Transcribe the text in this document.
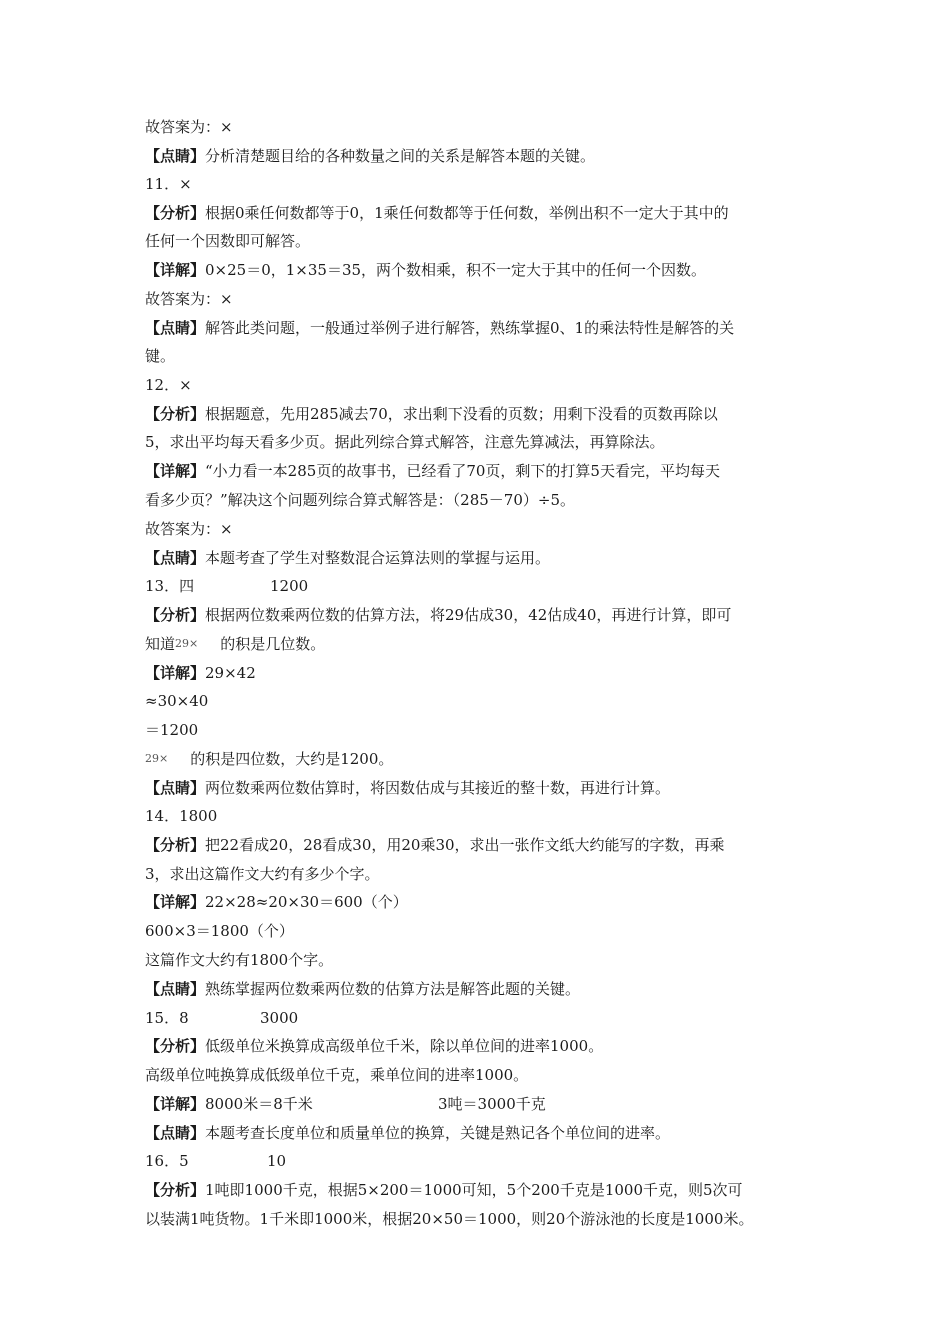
故答案为：×
【点睛】分析清楚题目给的各种数量之间的关系是解答本题的关键。
11．×
【分析】根据0乘任何数都等于0，1乘任何数都等于任何数，举例出积不一定大于其中的
任何一个因数即可解答。
【详解】0×25＝0，1×35＝35，两个数相乘，积不一定大于其中的任何一个因数。
故答案为：×
【点睛】解答此类问题，一般通过举例子进行解答，熟练掌握0、1的乘法特性是解答的关
键。
12．×
【分析】根据题意，先用285减去70，求出剩下没看的页数；用剩下没看的页数再除以
5，求出平均每天看多少页。据此列综合算式解答，注意先算减法，再算除法。
【详解】“小力看一本285页的故事书，已经看了70页，剩下的打算5天看完，平均每天
看多少页？”解决这个问题列综合算式解答是：（285－70）÷5。
故答案为：×
【点睛】本题考查了学生对整数混合运算法则的掌握与运用。
13．四	1200
【分析】根据两位数乘两位数的估算方法，将29估成30，42估成40，再进行计算，即可
知道29× 的积是几位数。
【详解】29×42
≈30×40
＝1200
29× 的积是四位数，大约是1200。
【点睛】两位数乘两位数估算时，将因数估成与其接近的整十数，再进行计算。
14．1800
【分析】把22看成20，28看成30，用20乘30，求出一张作文纸大约能写的字数，再乘
3，求出这篇作文大约有多少个字。
【详解】22×28≈20×30＝600（个）
600×3＝1800（个）
这篇作文大约有1800个字。
【点睛】熟练掌握两位数乘两位数的估算方法是解答此题的关键。
15．8	3000
【分析】低级单位米换算成高级单位千米，除以单位间的进率1000。
高级单位吨换算成低级单位千克，乘单位间的进率1000。
【详解】8000米＝8千米	3吨＝3000千克
【点睛】本题考查长度单位和质量单位的换算，关键是熟记各个单位间的进率。
16．5	10
【分析】1吨即1000千克，根据5×200＝1000可知，5个200千克是1000千克，则5次可
以装满1吨货物。1千米即1000米，根据20×50＝1000，则20个游泳池的长度是1000米。
